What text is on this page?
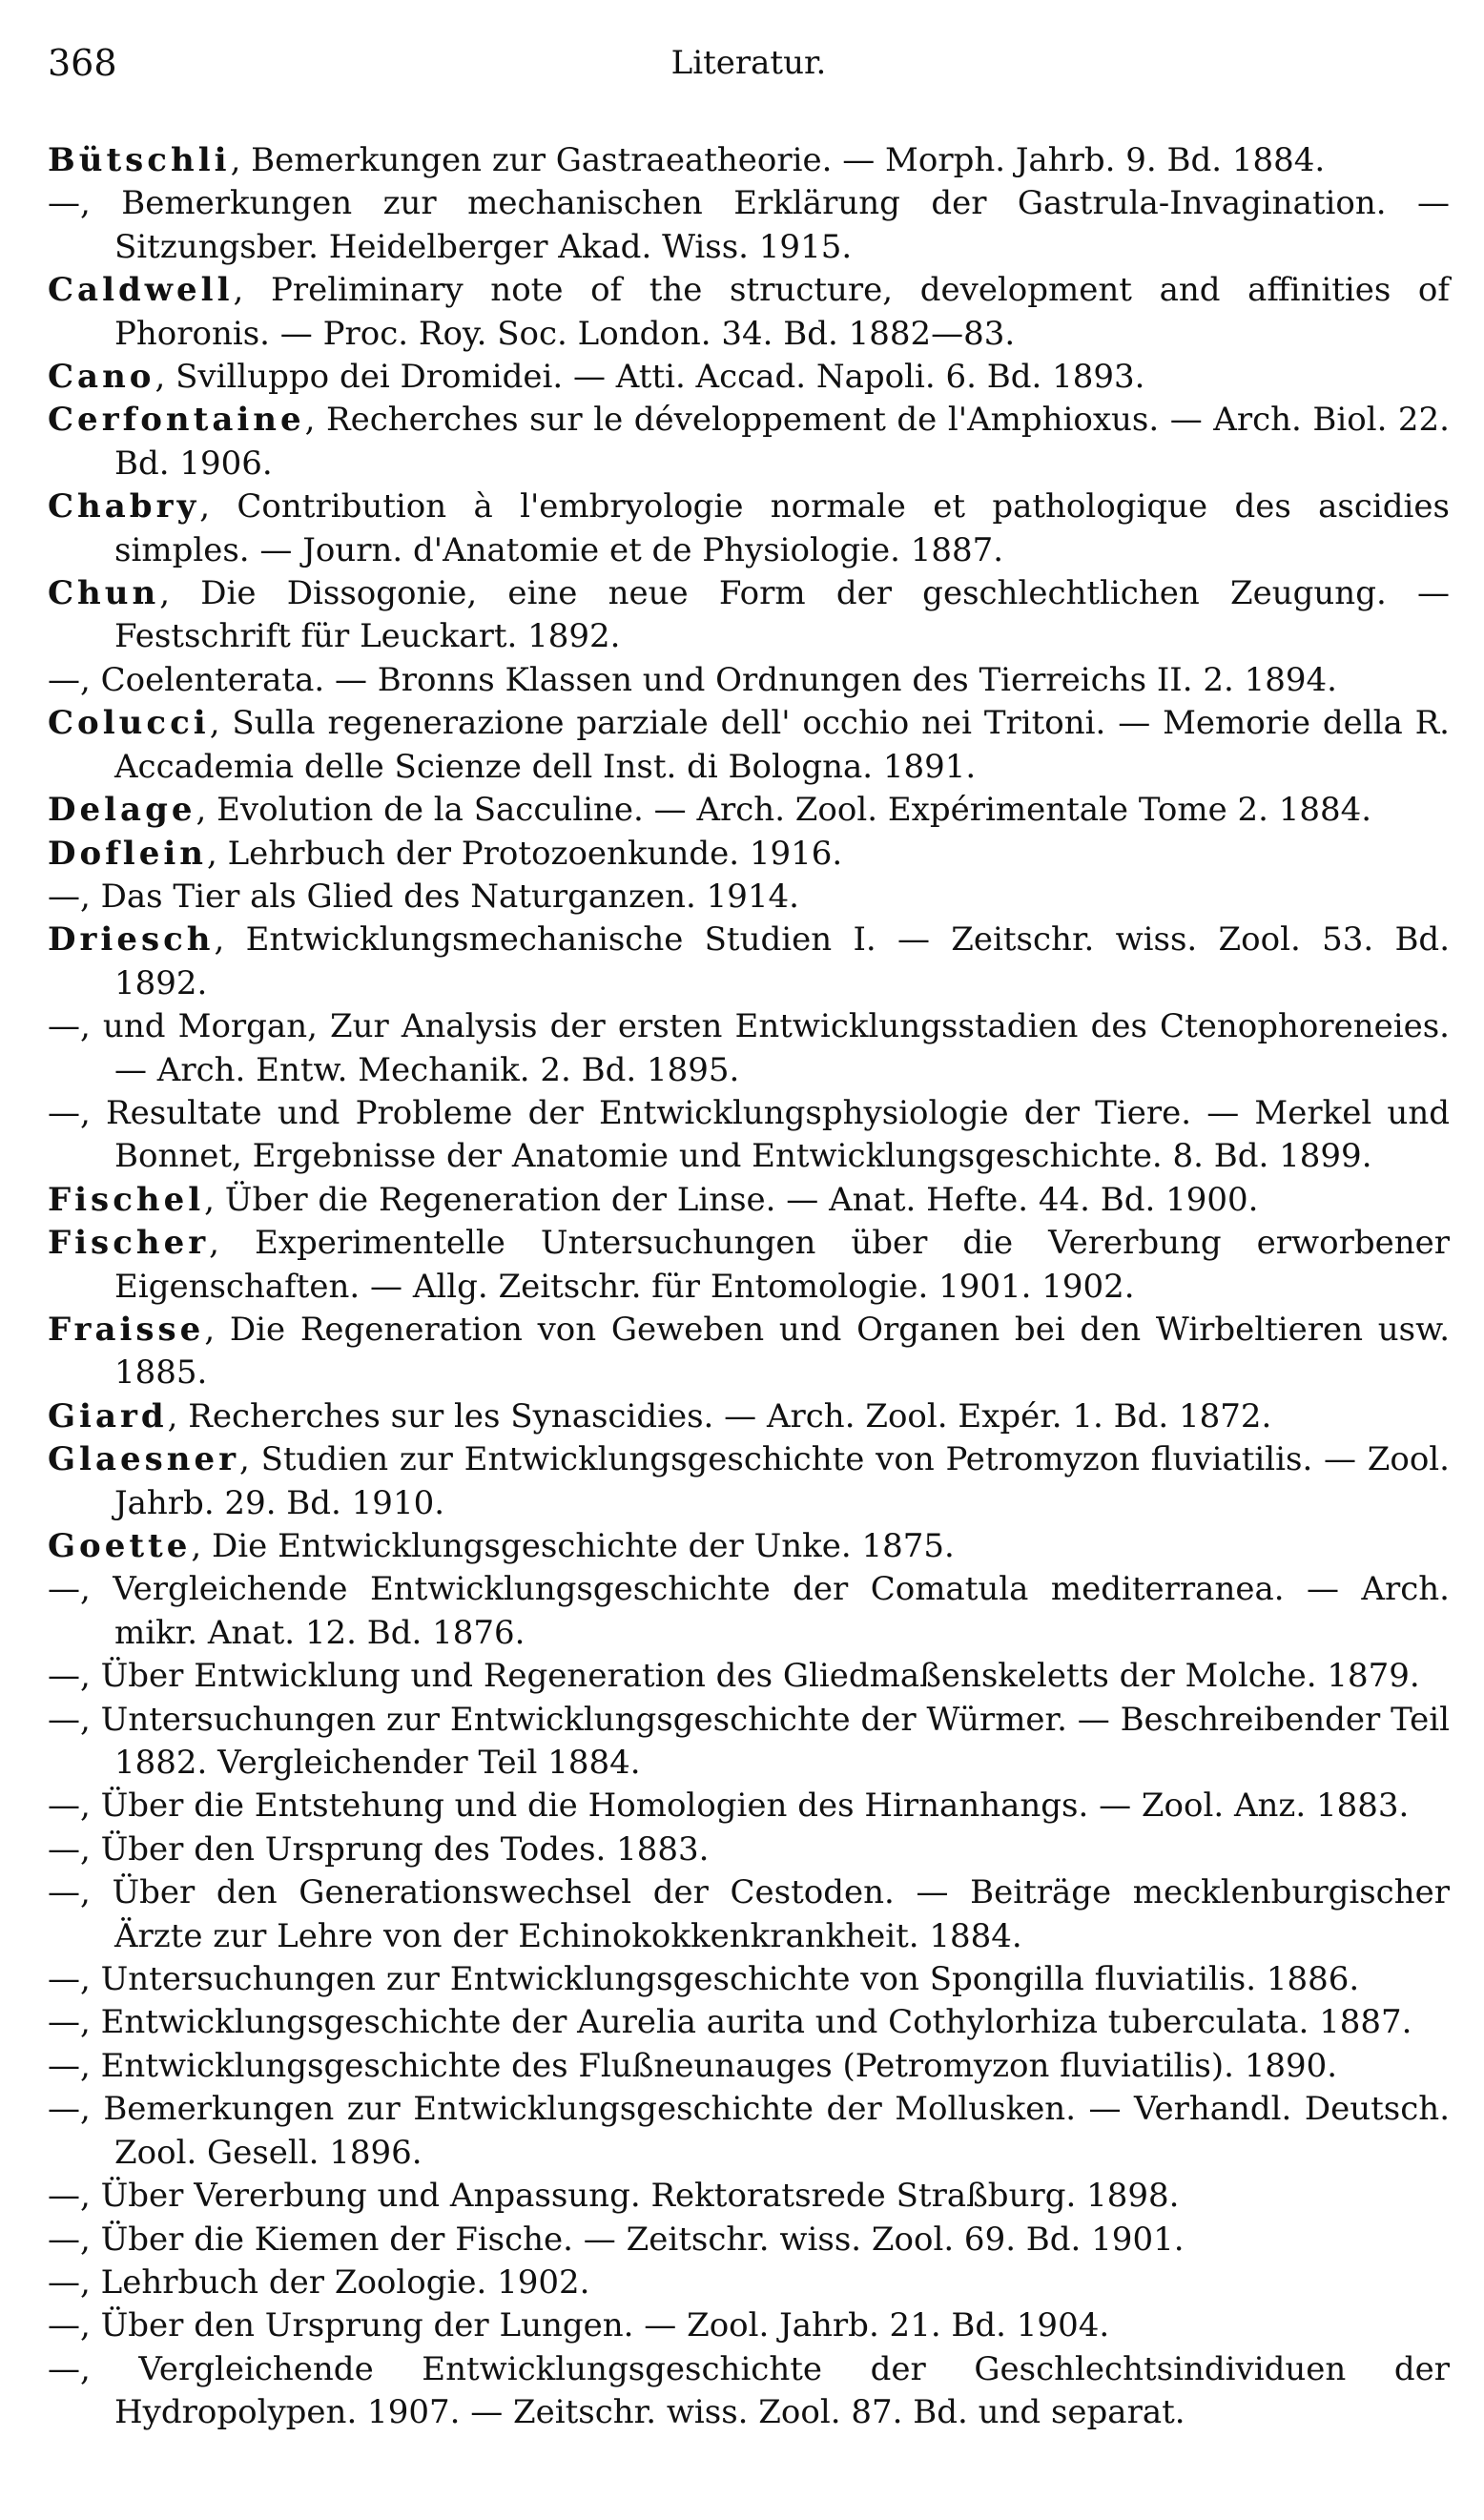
368	Literatur.
Bütschli, Bemerkungen zur Gastraeatheorie. — Morph. Jahrb. 9. Bd. 1884.
—, Bemerkungen zur mechanischen Erklärung der Gastrula-Invagination. — Sitzungsber. Heidelberger Akad. Wiss. 1915.
Caldwell, Preliminary note of the structure, development and affinities of Phoronis. — Proc. Roy. Soc. London. 34. Bd. 1882—83.
Cano, Svilluppo dei Dromidei. — Atti. Accad. Napoli. 6. Bd. 1893.
Cerfontaine, Recherches sur le développement de l'Amphioxus. — Arch. Biol. 22. Bd. 1906.
Chabry, Contribution à l'embryologie normale et pathologique des ascidies simples. — Journ. d'Anatomie et de Physiologie. 1887.
Chun, Die Dissogonie, eine neue Form der geschlechtlichen Zeugung. — Festschrift für Leuckart. 1892.
—, Coelenterata. — Bronns Klassen und Ordnungen des Tierreichs II. 2. 1894.
Colucci, Sulla regenerazione parziale dell' occhio nei Tritoni. — Memorie della R. Accademia delle Scienze dell Inst. di Bologna. 1891.
Delage, Evolution de la Sacculine. — Arch. Zool. Expérimentale Tome 2. 1884.
Doflein, Lehrbuch der Protozoenkunde. 1916.
—, Das Tier als Glied des Naturganzen. 1914.
Driesch, Entwicklungsmechanische Studien I. — Zeitschr. wiss. Zool. 53. Bd. 1892.
—, und Morgan, Zur Analysis der ersten Entwicklungsstadien des Ctenophoreneies. — Arch. Entw. Mechanik. 2. Bd. 1895.
—, Resultate und Probleme der Entwicklungsphysiologie der Tiere. — Merkel und Bonnet, Ergebnisse der Anatomie und Entwicklungsgeschichte. 8. Bd. 1899.
Fischel, Über die Regeneration der Linse. — Anat. Hefte. 44. Bd. 1900.
Fischer, Experimentelle Untersuchungen über die Vererbung erworbener Eigenschaften. — Allg. Zeitschr. für Entomologie. 1901. 1902.
Fraisse, Die Regeneration von Geweben und Organen bei den Wirbeltieren usw. 1885.
Giard, Recherches sur les Synascidies. — Arch. Zool. Expér. 1. Bd. 1872.
Glaesner, Studien zur Entwicklungsgeschichte von Petromyzon fluviatilis. — Zool. Jahrb. 29. Bd. 1910.
Goette, Die Entwicklungsgeschichte der Unke. 1875.
—, Vergleichende Entwicklungsgeschichte der Comatula mediterranea. — Arch. mikr. Anat. 12. Bd. 1876.
—, Über Entwicklung und Regeneration des Gliedmaßenskeletts der Molche. 1879.
—, Untersuchungen zur Entwicklungsgeschichte der Würmer. — Beschreibender Teil 1882. Vergleichender Teil 1884.
—, Über die Entstehung und die Homologien des Hirnanhangs. — Zool. Anz. 1883.
—, Über den Ursprung des Todes. 1883.
—, Über den Generationswechsel der Cestoden. — Beiträge mecklenburgischer Ärzte zur Lehre von der Echinokokkenkrankheit. 1884.
—, Untersuchungen zur Entwicklungsgeschichte von Spongilla fluviatilis. 1886.
—, Entwicklungsgeschichte der Aurelia aurita und Cothylorhiza tuberculata. 1887.
—, Entwicklungsgeschichte des Flußneunauges (Petromyzon fluviatilis). 1890.
—, Bemerkungen zur Entwicklungsgeschichte der Mollusken. — Verhandl. Deutsch. Zool. Gesell. 1896.
—, Über Vererbung und Anpassung. Rektoratsrede Straßburg. 1898.
—, Über die Kiemen der Fische. — Zeitschr. wiss. Zool. 69. Bd. 1901.
—, Lehrbuch der Zoologie. 1902.
—, Über den Ursprung der Lungen. — Zool. Jahrb. 21. Bd. 1904.
—, Vergleichende Entwicklungsgeschichte der Geschlechtsindividuen der Hydropolypen. 1907. — Zeitschr. wiss. Zool. 87. Bd. und separat.
